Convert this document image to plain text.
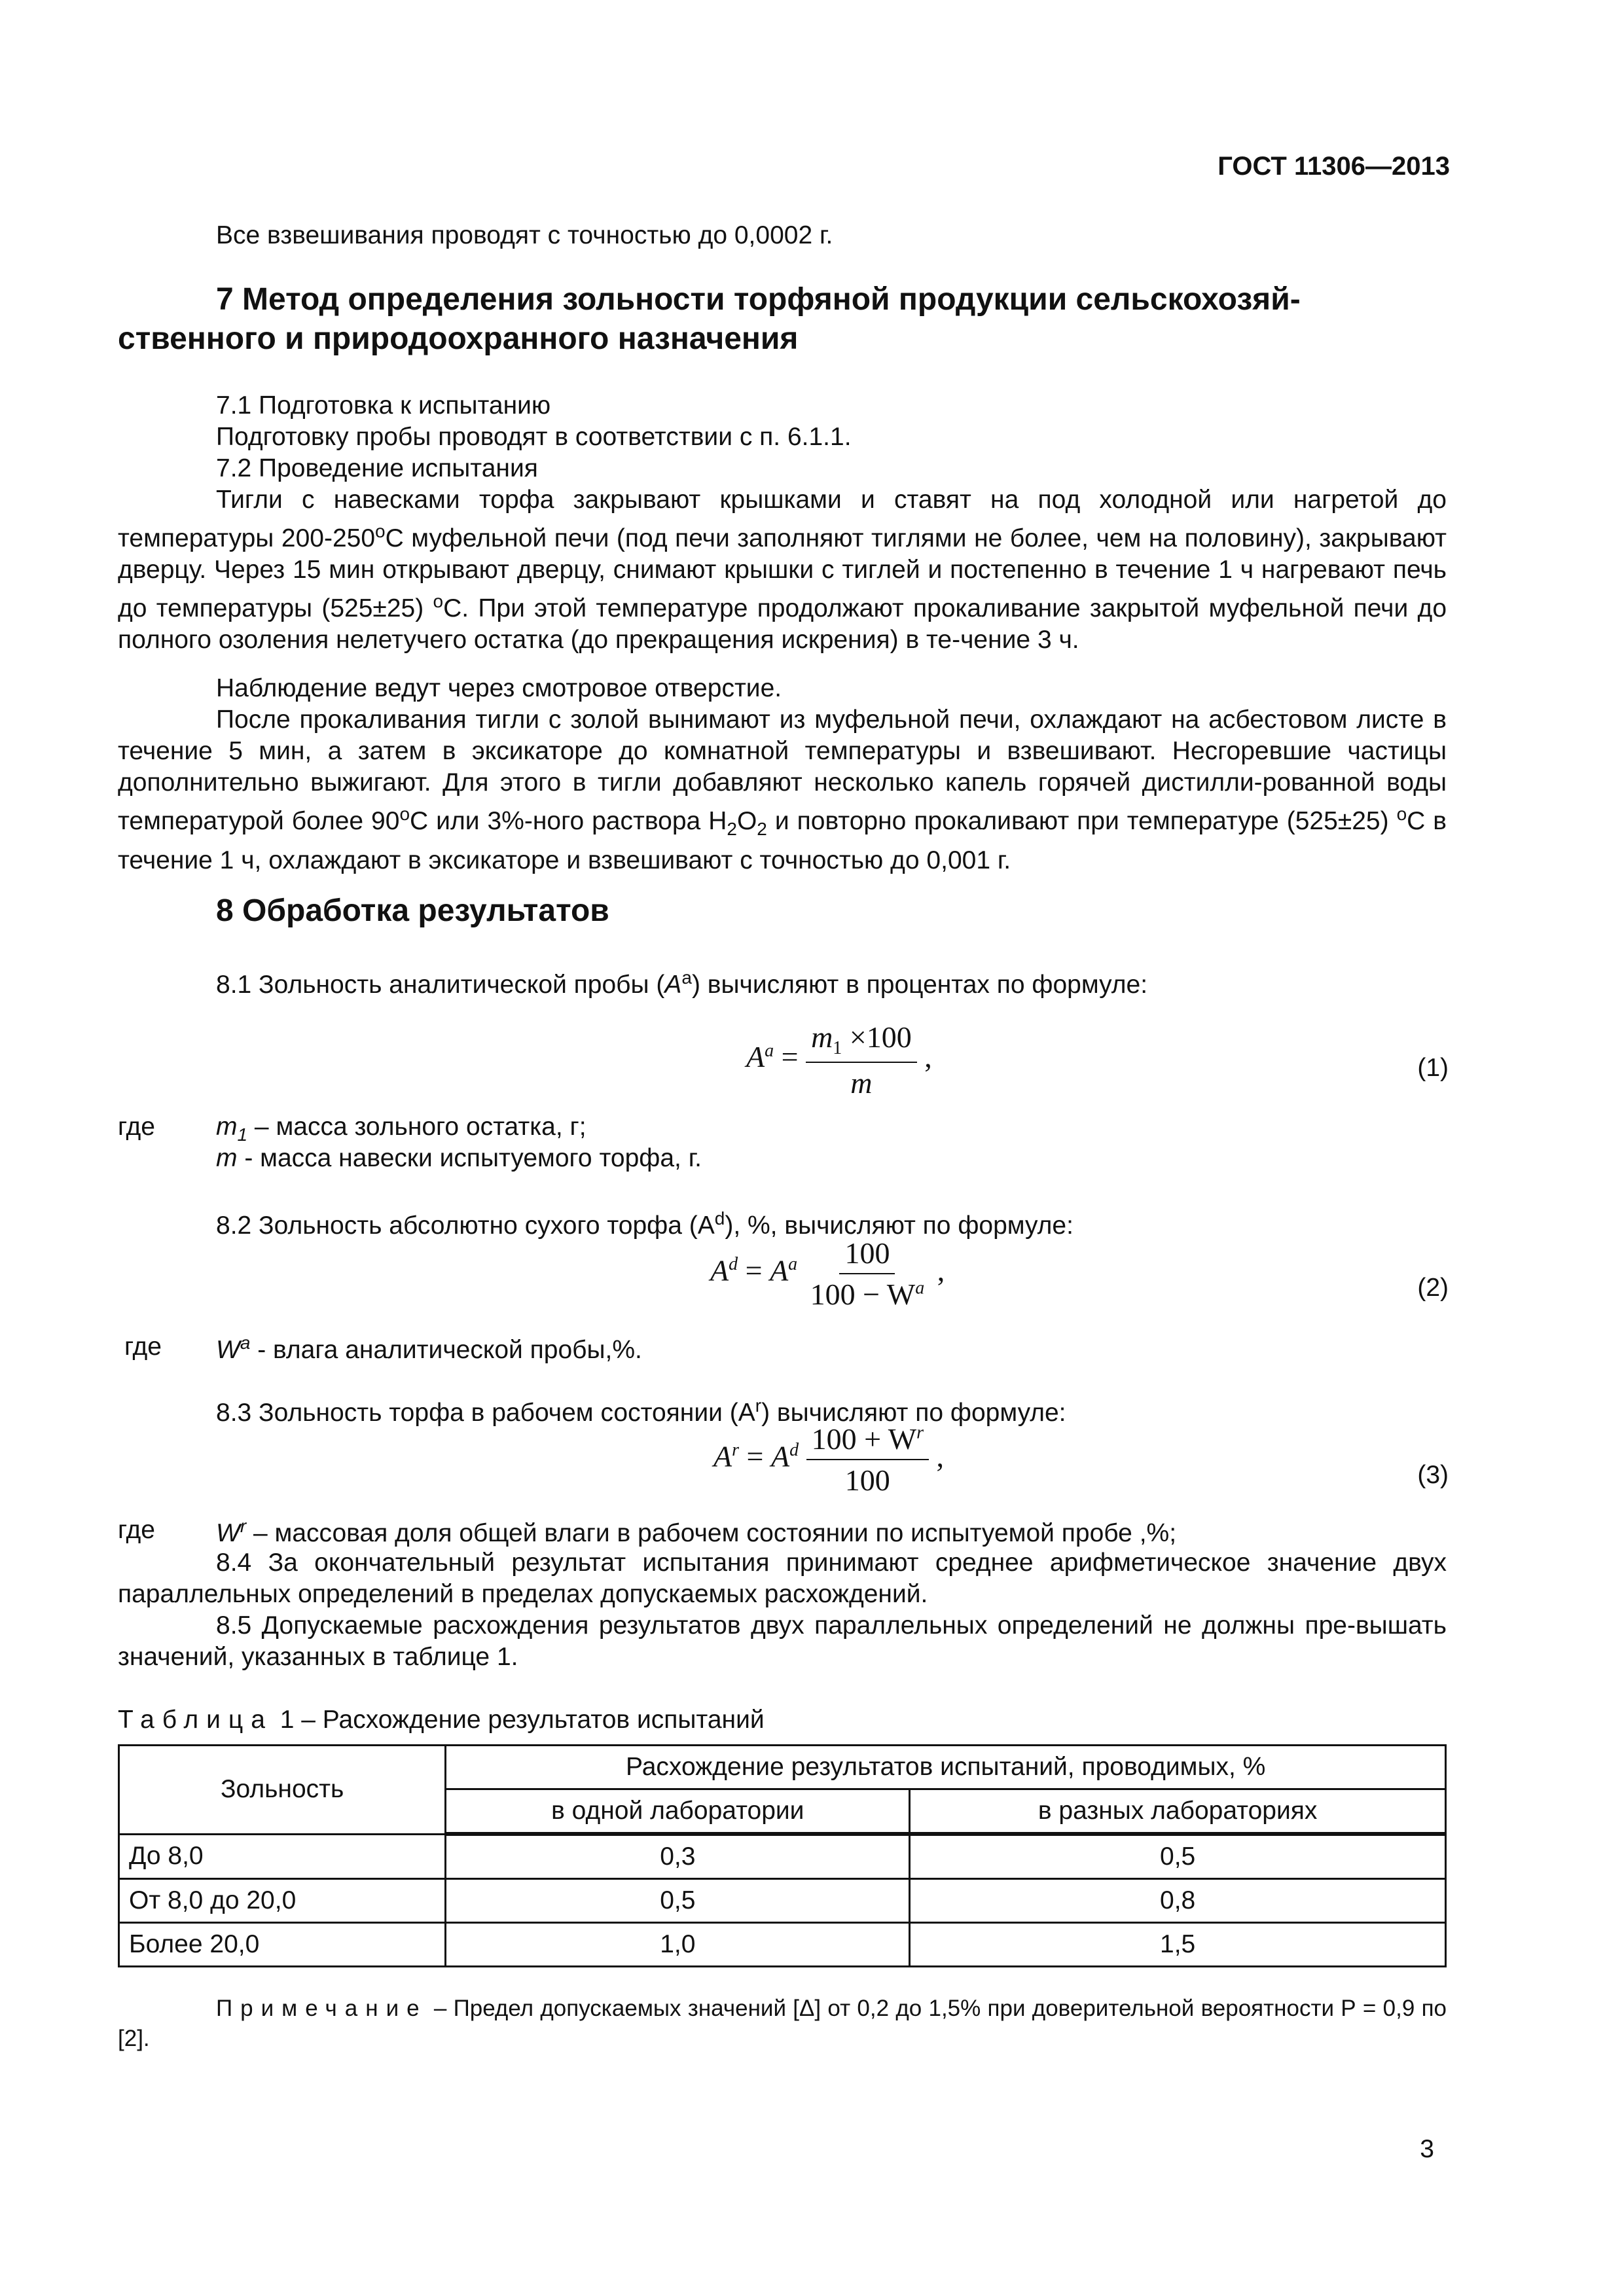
ГОСТ 11306—2013

Все взвешивания проводят с точностью до 0,0002 г.

7 Метод определения зольности торфяной продукции сельскохозяй-ственного и природоохранного назначения

7.1 Подготовка к испытанию

Подготовку пробы проводят в соответствии с п. 6.1.1.

7.2 Проведение испытания

Тигли с навесками торфа закрывают крышками и ставят на под холодной или нагретой до температуры $200-250^оС$ муфельной печи (под печи заполняют тиглями не более, чем на половину), закрывают дверцу. Через 15 мин открывают дверцу, снимают крышки с тиглей и постепенно в течение 1 ч нагревают печь до температуры (525±25) $^о$С. При этой температуре продолжают прокаливание закрытой муфельной печи до полного озоления нелетучего остатка (до прекращения искрения) в те-чение 3 ч.

Наблюдение ведут через смотровое отверстие.

После прокаливания тигли с золой вынимают из муфельной печи, охлаждают на асбестовом листе в течение 5 мин, а затем в эксикаторе до комнатной температуры и взвешивают. Несгоревшие частицы дополнительно выжигают. Для этого в тигли добавляют несколько капель горячей дистилли-рованной воды температурой более $90^оС$ или 3%-ного раствора $H_2O_2$ и повторно прокаливают при температуре (525±25) $^о$С в течение 1 ч, охлаждают в эксикаторе и взвешивают с точностью до 0,001 г.

8 Обработка результатов

8.1 Зольность аналитической пробы $(А^а)$ вычисляют в процентах по формуле:

$A^a = \frac{m_1 \times 100}{m}$ ,	(1)
где $m_1$ – масса зольного остатка, г;
m - масса навески испытуемого торфа, г.

8.2 Зольность абсолютно сухого торфа $(А^d)$, %, вычисляют по формуле:

$A^d = A^a \frac{100}{100 - W^a}$ ,
(2)
где $W^a$ - влага аналитической пробы,%.

8.3 Зольность торфа в рабочем состоянии $(А^r)$ вычисляют по формуле:

$A^r = A^d \frac{100 + W^r}{100}$ ,
(3)
где $W^r$ – массовая доля общей влаги в рабочем состоянии по испытуемой пробе ,%;

8.4 За окончательный результат испытания принимают среднее арифметическое значение двух параллельных определений в пределах допускаемых расхождений.

8.5 Допускаемые расхождения результатов двух параллельных определений не должны пре-вышать значений, указанных в таблице 1.

Таблица 1 – Расхождение результатов испытаний
Зольность	Расхождение результатов испытаний, проводимых, %	
	в одной лаборатории	в разных лабораториях
До 8,0	0,3	0,5
От 8,0 до 20,0	0,5	0,8
Более 20,0	1,0	1,5

Примечание – Предел допускаемых значений [Δ] от 0,2 до 1,5% при доверительной вероятности Р = 0,9 по [2].

3
